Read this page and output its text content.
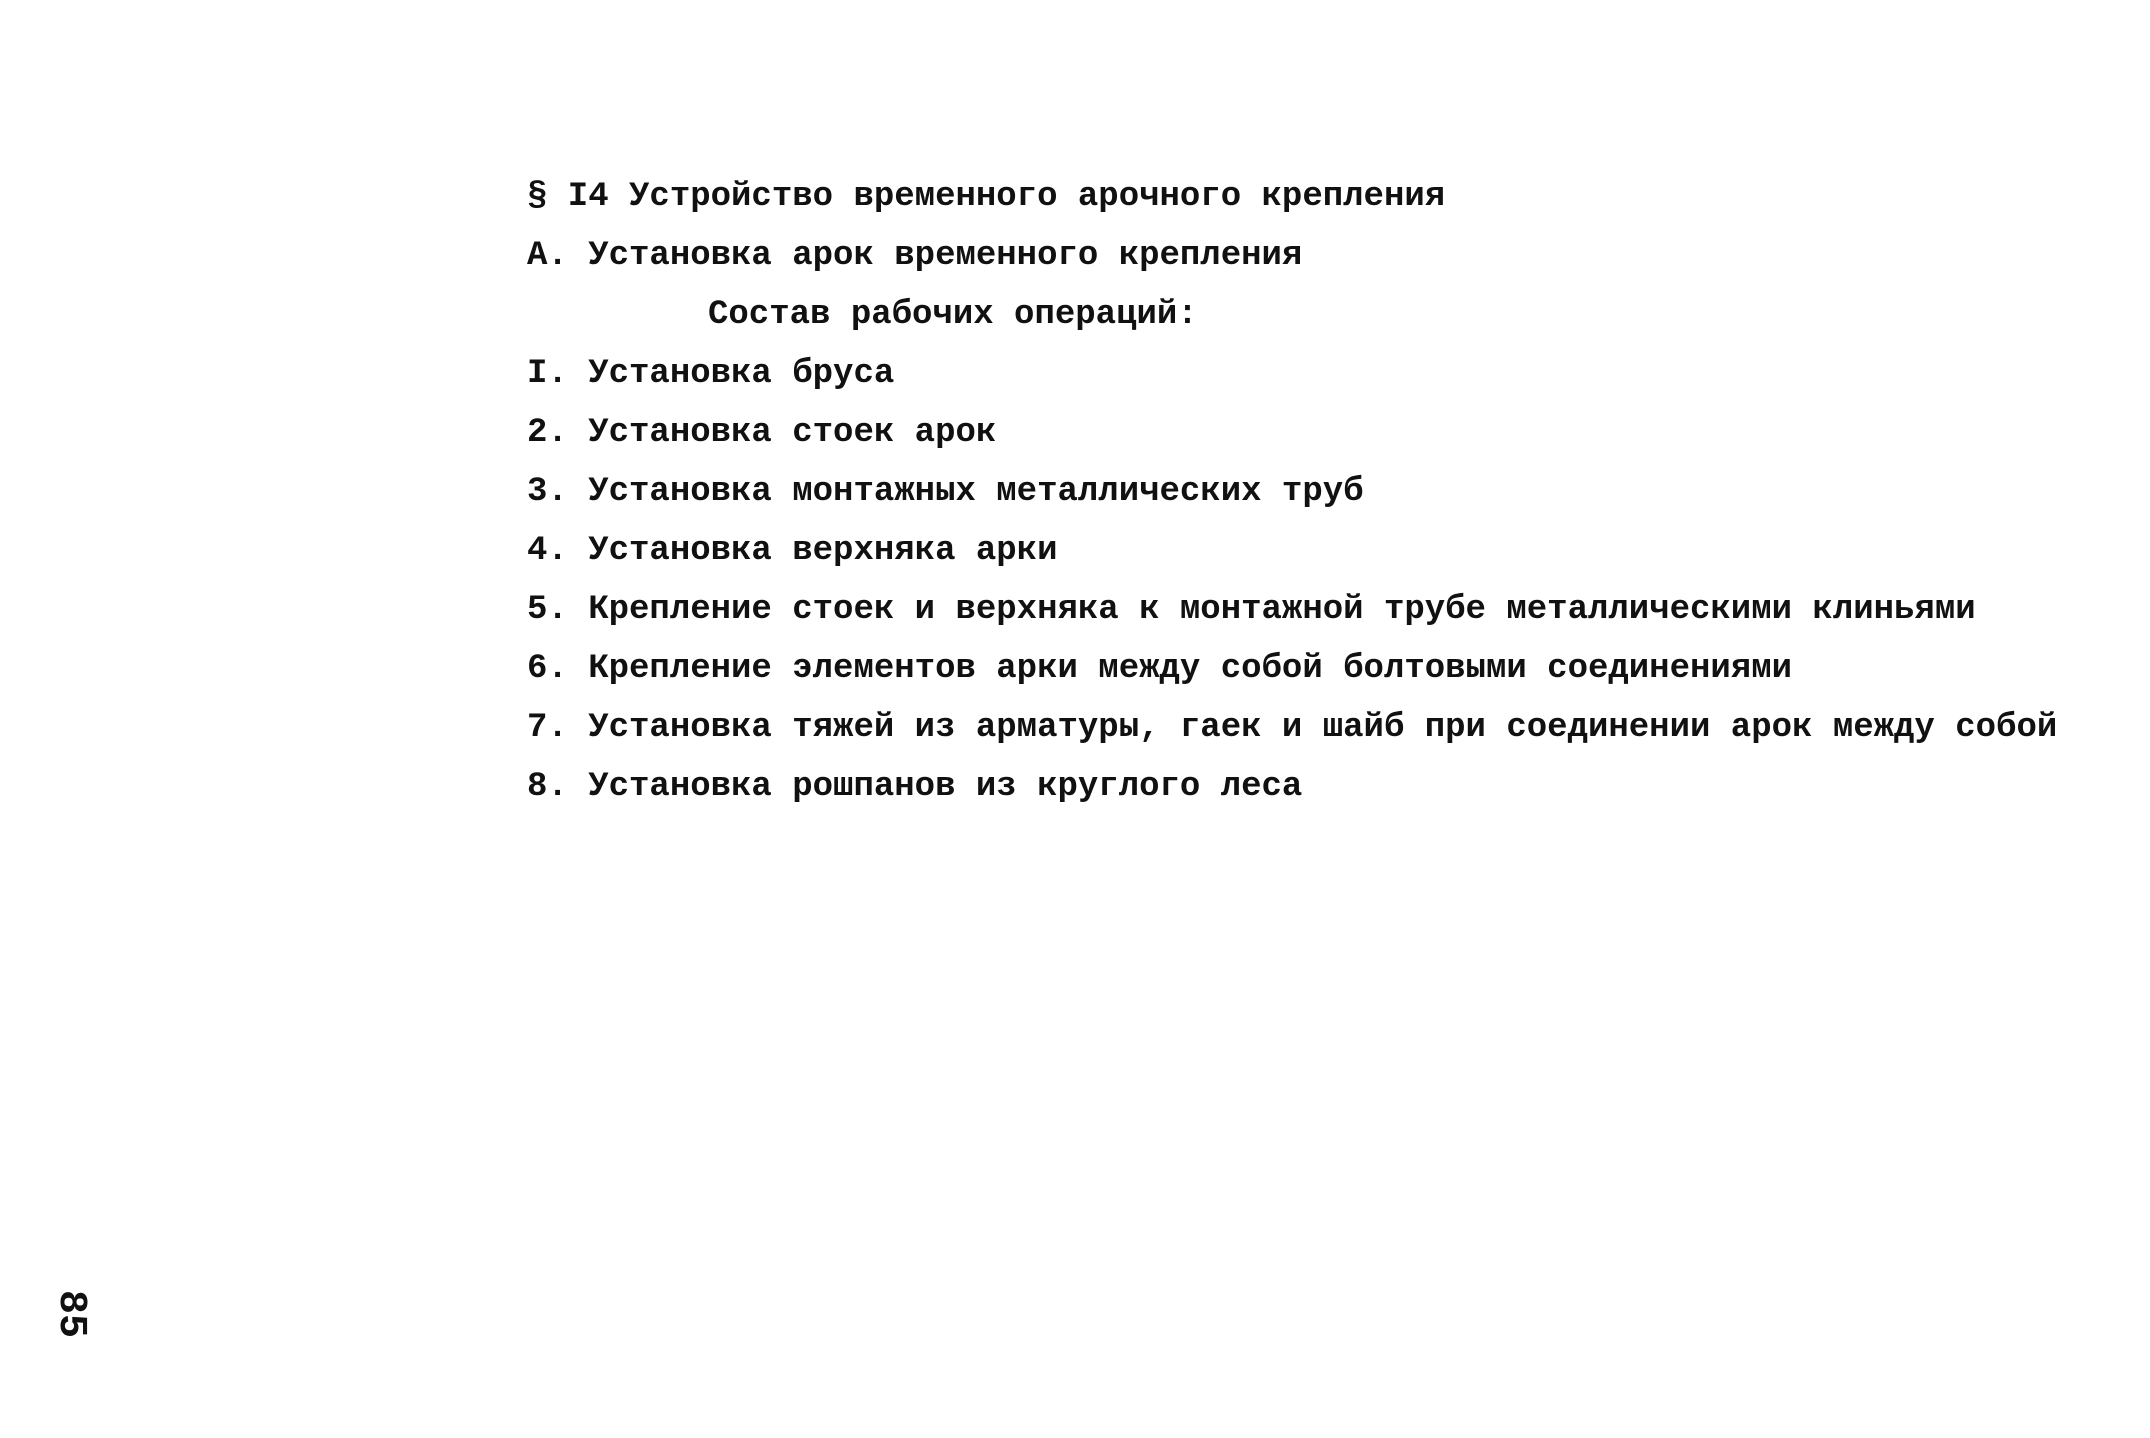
§ I4 Устройство временного арочного крепления
А. Установка арок временного крепления
Состав рабочих операций:
I. Установка бруса
2. Установка стоек арок
3. Установка монтажных металлических труб
4. Установка верхняка арки
5. Крепление стоек и верхняка к монтажной трубе металлическими клиньями
6. Крепление элементов арки между собой болтовыми соединениями
7. Установка тяжей из арматуры, гаек и шайб при соединении арок между собой
8. Установка рошпанов из круглого леса
85
